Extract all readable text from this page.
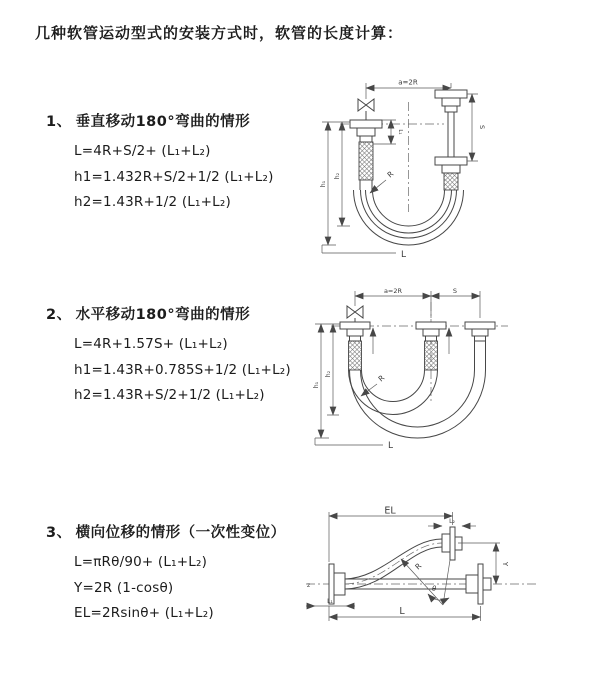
几种软管运动型式的安装方式时，软管的长度计算：
1、 垂直移动180°弯曲的情形
L=4R+S/2+ (L₁+L₂)
h1=1.432R+S/2+1/2 (L₁+L₂)
h2=1.43R+1/2 (L₁+L₂)
2、 水平移动180°弯曲的情形
L=4R+1.57S+ (L₁+L₂)
h1=1.43R+0.785S+1/2 (L₁+L₂)
h2=1.43R+S/2+1/2 (L₁+L₂)
3、 横向位移的情形（一次性变位）
L=πRθ/90+ (L₁+L₂)
Y=2R (1-cosθ)
EL=2Rsinθ+ (L₁+L₂)
a=2R
S
L₁
h₂
h₁
R
L
a=2R	S
h₂
h₁
R
L
z
EL
L₂
Y
θ
R
L₁
L
